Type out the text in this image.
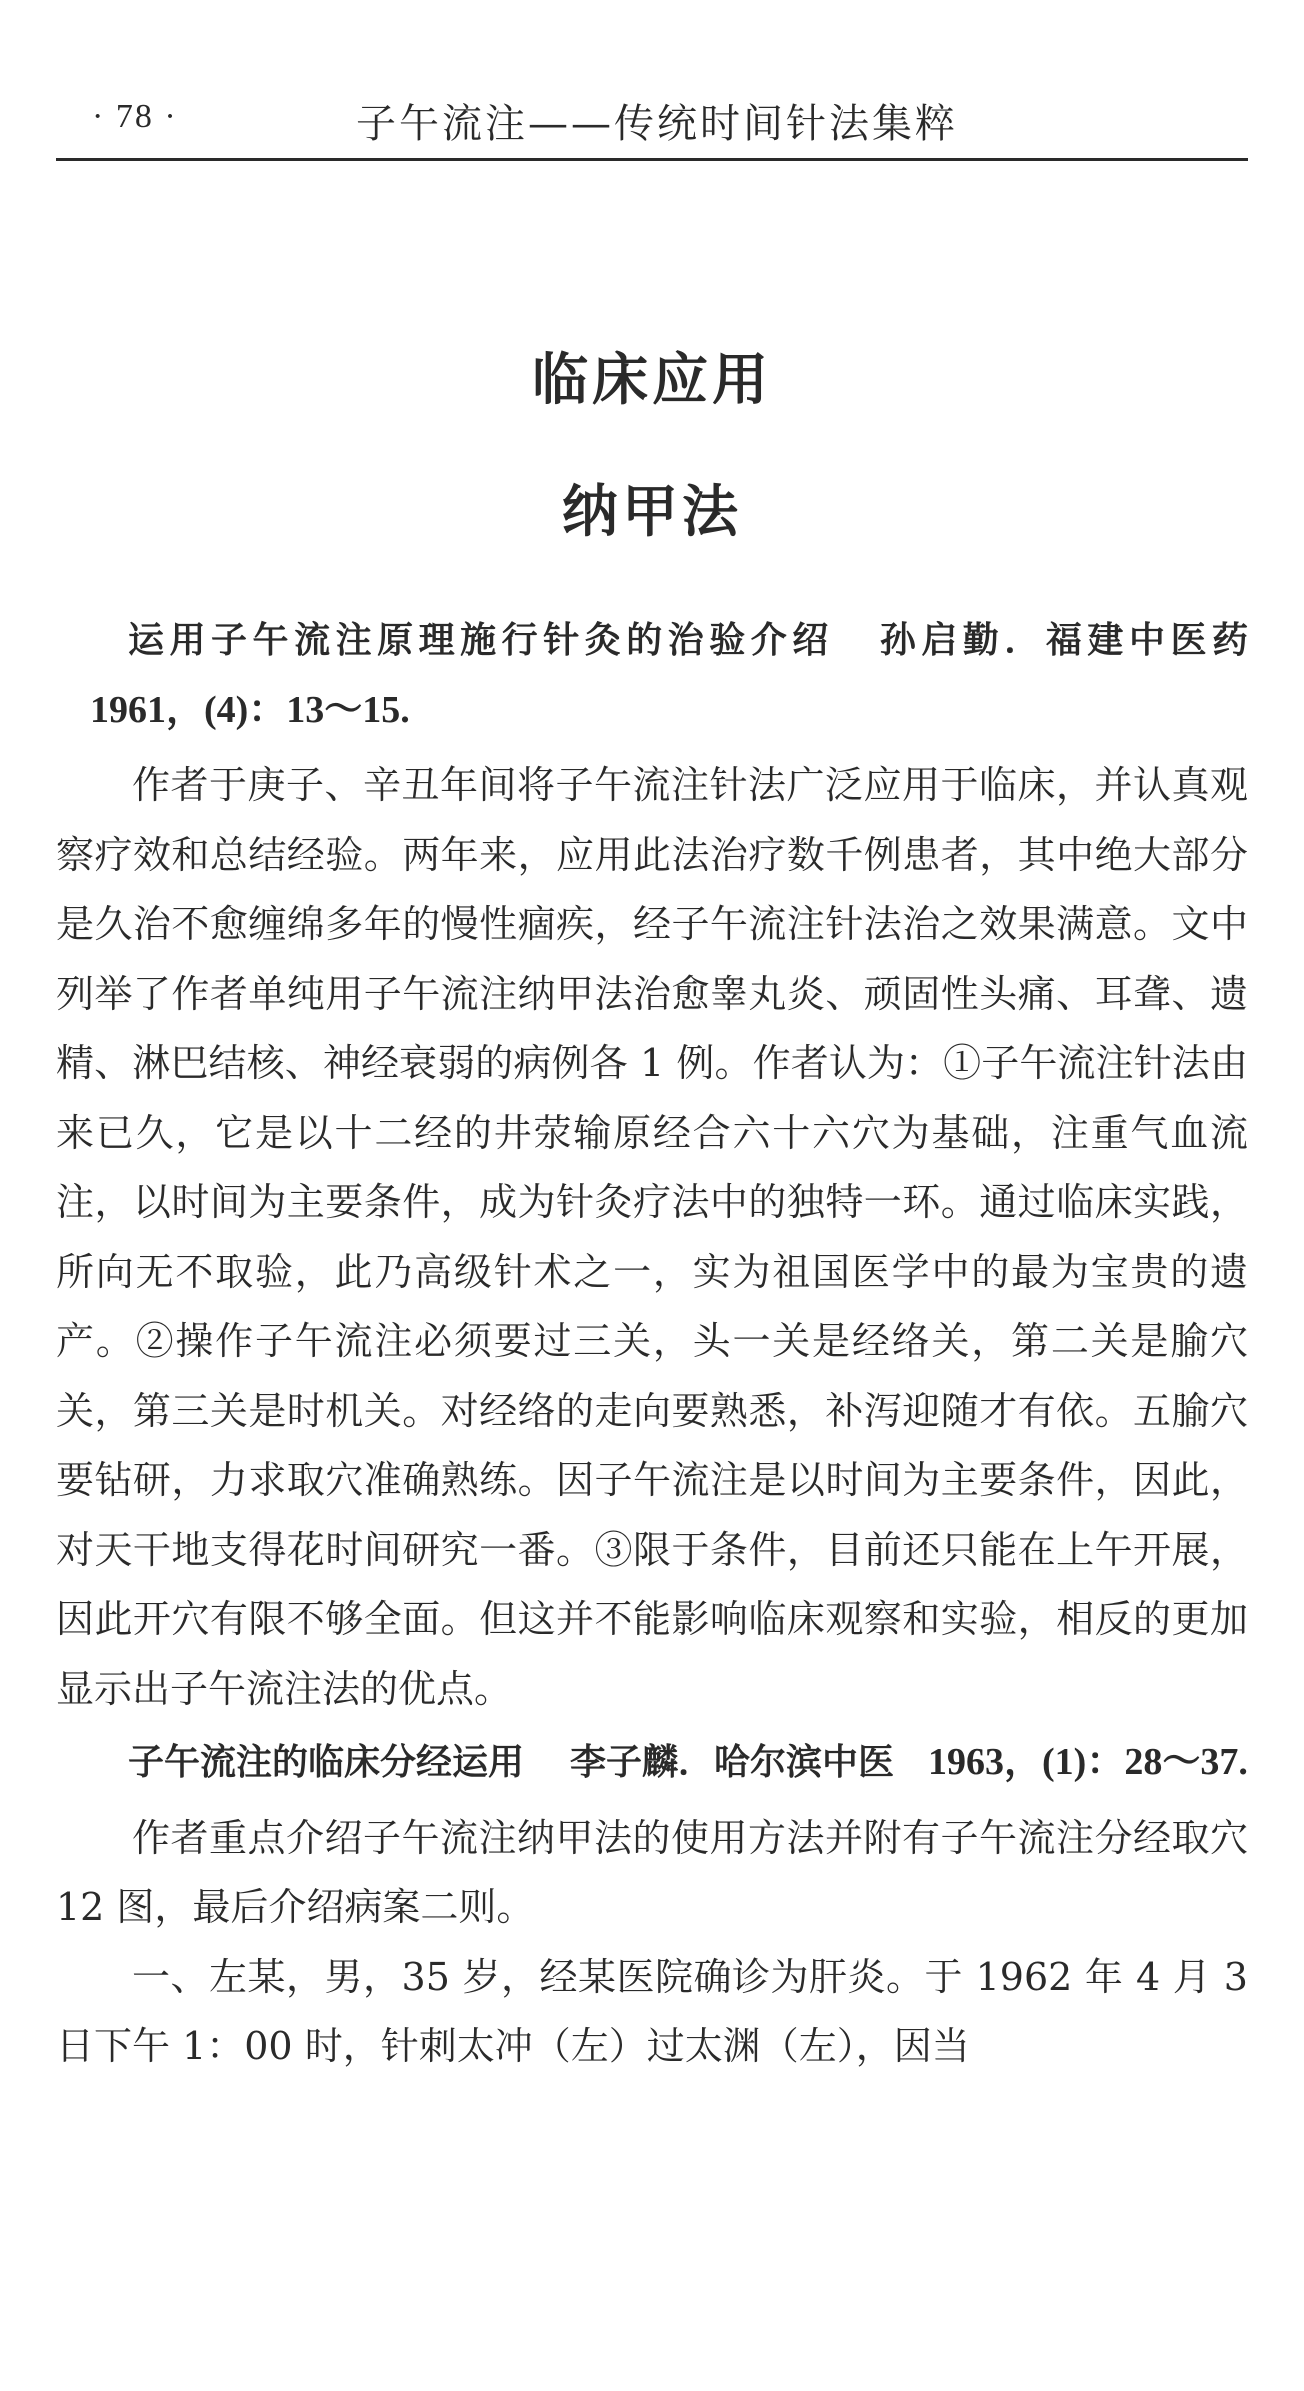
· 78 ·	子午流注——传统时间针法集粹
临床应用
纳甲法

运用子午流注原理施行针灸的治验介绍 孙启勤．福建中医药1961，(4)：13～15.

作者于庚子、辛丑年间将子午流注针法广泛应用于临床，并认真观察疗效和总结经验。两年来，应用此法治疗数千例患者，其中绝大部分是久治不愈缠绵多年的慢性痼疾，经子午流注针法治之效果满意。文中列举了作者单纯用子午流注纳甲法治愈睾丸炎、顽固性头痛、耳聋、遗精、淋巴结核、神经衰弱的病例各 1 例。作者认为：①子午流注针法由来已久，它是以十二经的井荥输原经合六十六穴为基础，注重气血流注，以时间为主要条件，成为针灸疗法中的独特一环。通过临床实践，所向无不取验，此乃高级针术之一，实为祖国医学中的最为宝贵的遗产。②操作子午流注必须要过三关，头一关是经络关，第二关是腧穴关，第三关是时机关。对经络的走向要熟悉，补泻迎随才有依。五腧穴要钻研，力求取穴准确熟练。因子午流注是以时间为主要条件，因此，对天干地支得花时间研究一番。③限于条件，目前还只能在上午开展，因此开穴有限不够全面。但这并不能影响临床观察和实验，相反的更加显示出子午流注法的优点。

子午流注的临床分经运用 李子麟．哈尔滨中医 1963，(1)：28～37.

作者重点介绍子午流注纳甲法的使用方法并附有子午流注分经取穴 12 图，最后介绍病案二则。

一、左某，男，35 岁，经某医院确诊为肝炎。于 1962 年 4 月 3 日下午 1：00 时，针刺太冲（左）过太渊（左），因当
